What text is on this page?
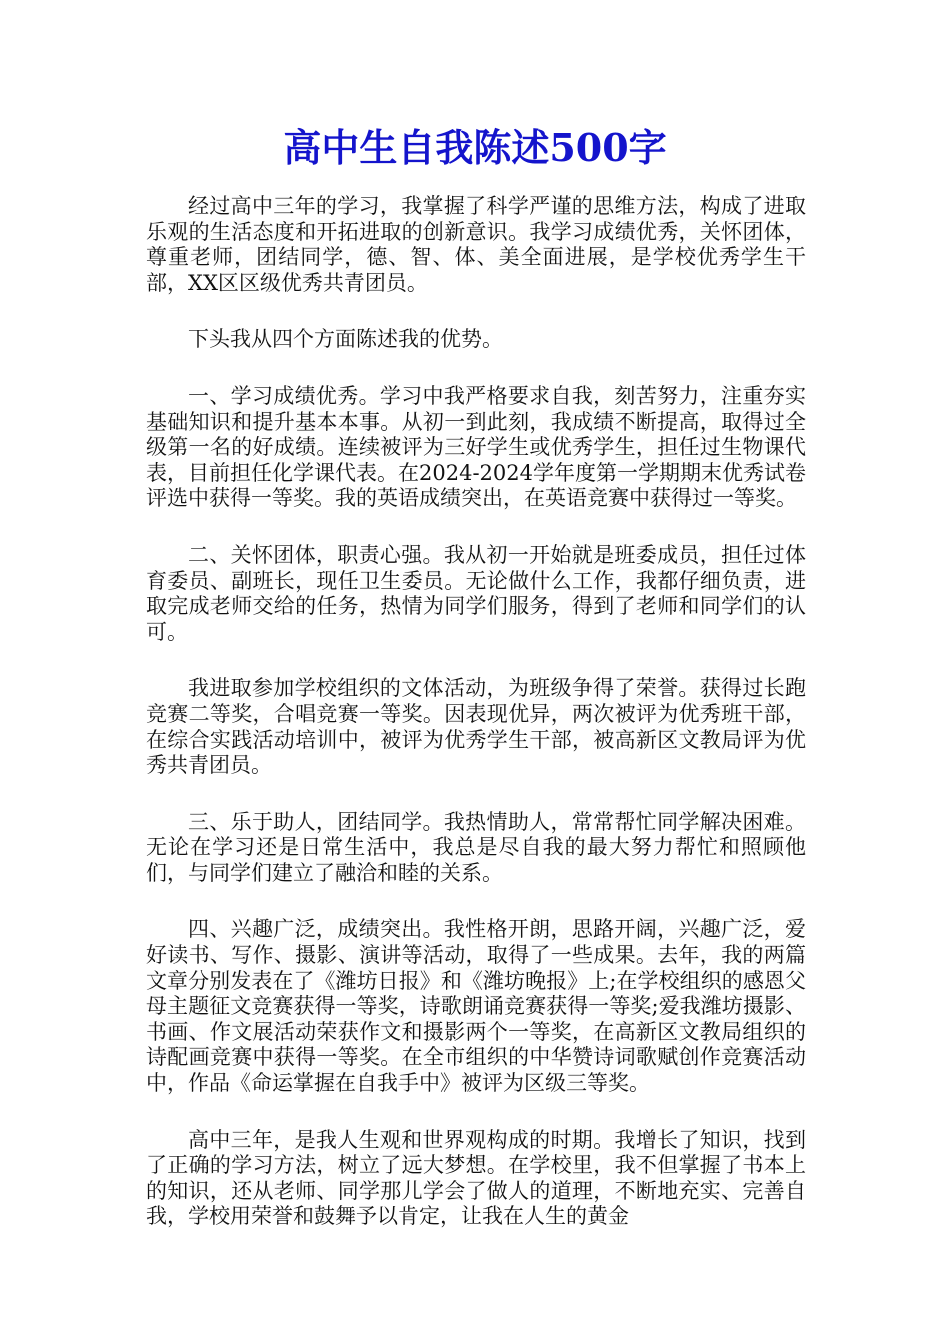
高中生自我陈述500字

经过高中三年的学习，我掌握了科学严谨的思维方法，构成了进取乐观的生活态度和开拓进取的创新意识。我学习成绩优秀，关怀团体，尊重老师，团结同学，德、智、体、美全面进展，是学校优秀学生干部，XX区区级优秀共青团员。

下头我从四个方面陈述我的优势。

一、学习成绩优秀。学习中我严格要求自我，刻苦努力，注重夯实基础知识和提升基本本事。从初一到此刻，我成绩不断提高，取得过全级第一名的好成绩。连续被评为三好学生或优秀学生，担任过生物课代表，目前担任化学课代表。在2024-2024学年度第一学期期末优秀试卷评选中获得一等奖。我的英语成绩突出，在英语竞赛中获得过一等奖。

二、关怀团体，职责心强。我从初一开始就是班委成员，担任过体育委员、副班长，现任卫生委员。无论做什么工作，我都仔细负责，进取完成老师交给的任务，热情为同学们服务，得到了老师和同学们的认可。

我进取参加学校组织的文体活动，为班级争得了荣誉。获得过长跑竞赛二等奖，合唱竞赛一等奖。因表现优异，两次被评为优秀班干部，在综合实践活动培训中，被评为优秀学生干部，被高新区文教局评为优秀共青团员。

三、乐于助人，团结同学。我热情助人，常常帮忙同学解决困难。无论在学习还是日常生活中，我总是尽自我的最大努力帮忙和照顾他们，与同学们建立了融洽和睦的关系。

四、兴趣广泛，成绩突出。我性格开朗，思路开阔，兴趣广泛，爱好读书、写作、摄影、演讲等活动，取得了一些成果。去年，我的两篇文章分别发表在了《潍坊日报》和《潍坊晚报》上;在学校组织的感恩父母主题征文竞赛获得一等奖，诗歌朗诵竞赛获得一等奖;爱我潍坊摄影、书画、作文展活动荣获作文和摄影两个一等奖，在高新区文教局组织的诗配画竞赛中获得一等奖。在全市组织的中华赞诗词歌赋创作竞赛活动中，作品《命运掌握在自我手中》被评为区级三等奖。

高中三年，是我人生观和世界观构成的时期。我增长了知识，找到了正确的学习方法，树立了远大梦想。在学校里，我不但掌握了书本上的知识，还从老师、同学那儿学会了做人的道理，不断地充实、完善自我，学校用荣誉和鼓舞予以肯定，让我在人生的黄金
